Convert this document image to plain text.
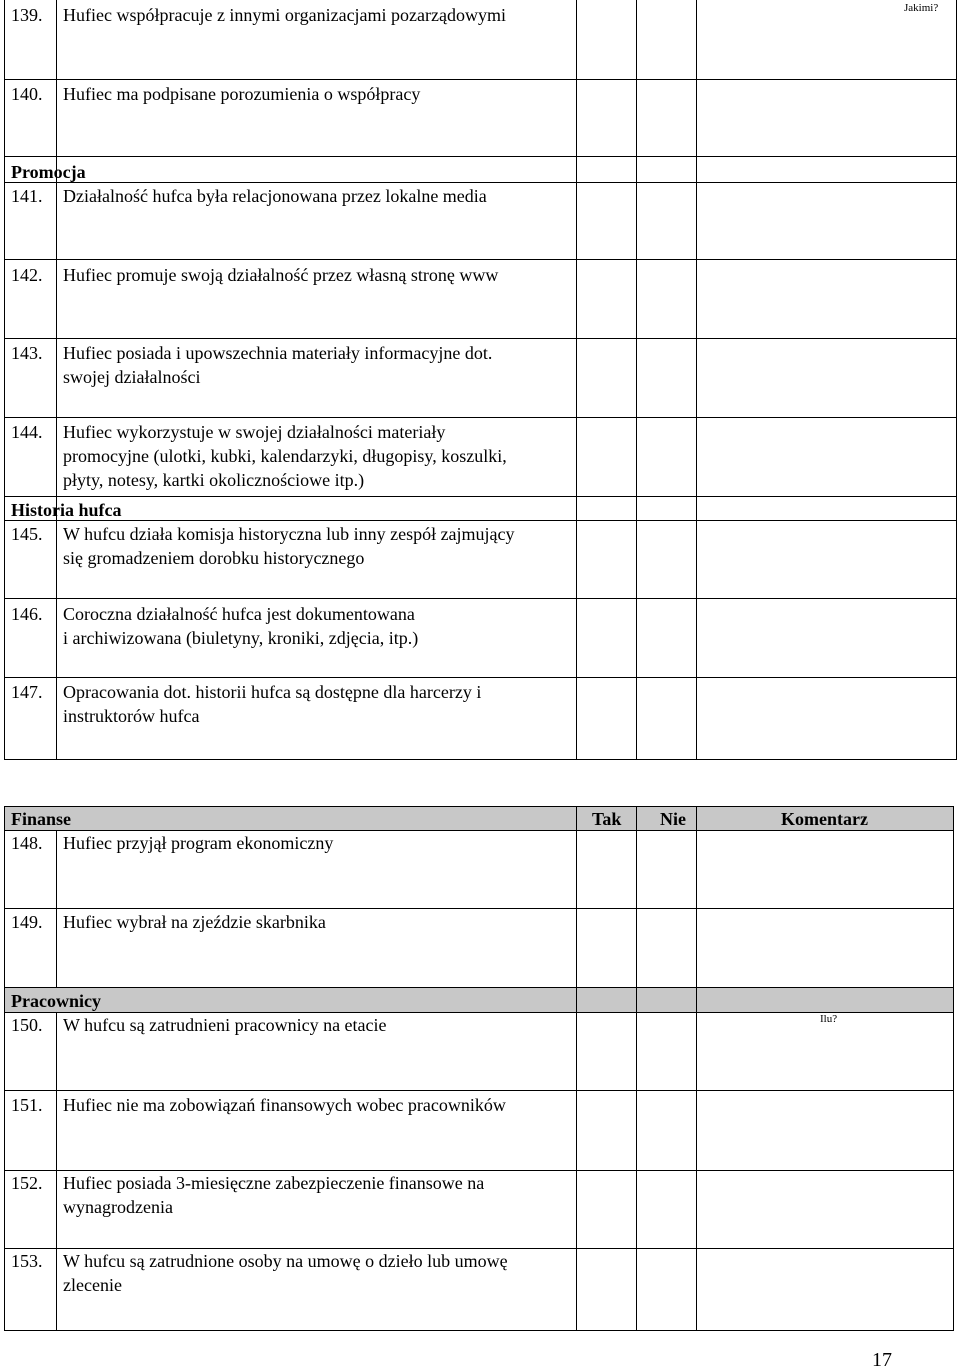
139. Hufiec współpracuje z innymi organizacjami pozarządowymi	Jakimi?
140. Hufiec ma podpisane porozumienia o współpracy
Promocja
141. Działalność hufca była relacjonowana przez lokalne media
142. Hufiec promuje swoją działalność przez własną stronę www
143. Hufiec posiada i upowszechnia materiały informacyjne dot.
swojej działalności
144. Hufiec wykorzystuje w swojej działalności materiały
promocyjne (ulotki, kubki, kalendarzyki, długopisy, koszulki,
płyty, notesy, kartki okolicznościowe itp.)
Historia hufca
145. W hufcu działa komisja historyczna lub inny zespół zajmujący
się gromadzeniem dorobku historycznego
146. Coroczna działalność hufca jest dokumentowana
i archiwizowana (biuletyny, kroniki, zdjęcia, itp.)
147. Opracowania dot. historii hufca są dostępne dla harcerzy i
instruktorów hufca
Finanse	Tak Nie	Komentarz
148. Hufiec przyjął program ekonomiczny
149. Hufiec wybrał na zjeździe skarbnika
Pracownicy
150. W hufcu są zatrudnieni pracownicy na etacie	Ilu?
151. Hufiec nie ma zobowiązań finansowych wobec pracowników
152. Hufiec posiada 3-miesięczne zabezpieczenie finansowe na
wynagrodzenia
153. W hufcu są zatrudnione osoby na umowę o dzieło lub umowę
zlecenie
17
